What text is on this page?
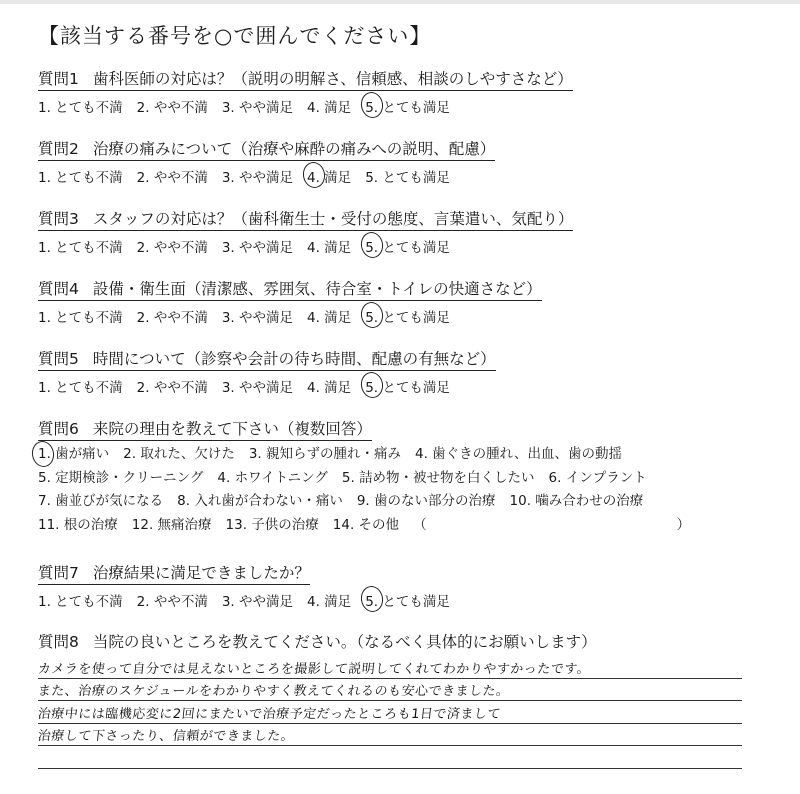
【該当する番号を○で囲んでください】
質問1 歯科医師の対応は？（説明の明解さ、信頼感、相談のしやすさなど）
1. とても不満 2. やや不満 3. やや満足 4. 満足 5. とても満足
質問2 治療の痛みについて（治療や麻酔の痛みへの説明、配慮）
1. とても不満 2. やや不満 3. やや満足 4. 満足 5. とても満足
質問3 スタッフの対応は？（歯科衛生士・受付の態度、言葉遣い、気配り）
1. とても不満 2. やや不満 3. やや満足 4. 満足 5. とても満足
質問4 設備・衛生面（清潔感、雰囲気、待合室・トイレの快適さなど）
1. とても不満 2. やや不満 3. やや満足 4. 満足 5. とても満足
質問5 時間について（診察や会計の待ち時間、配慮の有無など）
1. とても不満 2. やや不満 3. やや満足 4. 満足 5. とても満足
質問6 来院の理由を教えて下さい（複数回答）
1. 歯が痛い 2. 取れた、欠けた 3. 親知らずの腫れ・痛み 4. 歯ぐきの腫れ、出血、歯の動揺
5. 定期検診・クリーニング 4. ホワイトニング 5. 詰め物・被せ物を白くしたい 6. インプラント
7. 歯並びが気になる 8. 入れ歯が合わない・痛い 9. 歯のない部分の治療 10. 噛み合わせの治療
11. 根の治療 12. 無痛治療 13. 子供の治療 14. その他 （	）
質問7 治療結果に満足できましたか？
1. とても不満 2. やや不満 3. やや満足 4. 満足 5. とても満足
質問8 当院の良いところを教えてください。（なるべく具体的にお願いします）
カメラを使って自分では見えないところを撮影して説明してくれてわかりやすかったです。
また、治療のスケジュールをわかりやすく教えてくれるのも安心できました。
治療中には臨機応変に2回にまたいで治療予定だったところも1日で済まして
治療して下さったり、信頼ができました。
